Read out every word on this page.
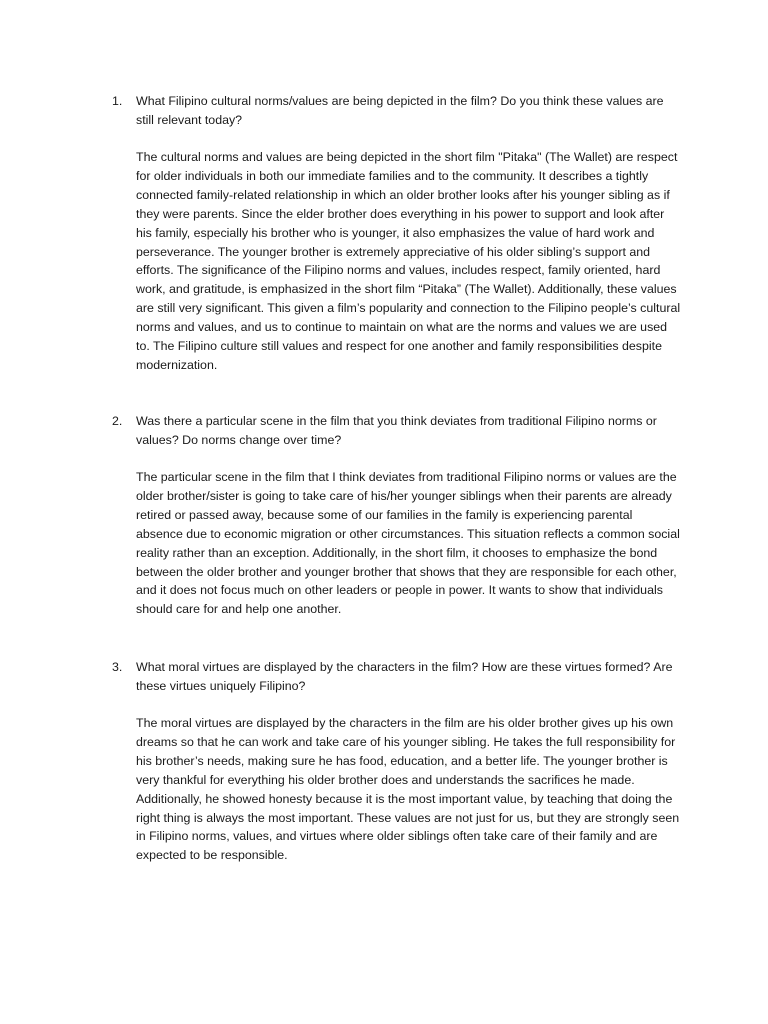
1.	What Filipino cultural norms/values are being depicted in the film? Do you think these values are still relevant today?
The cultural norms and values are being depicted in the short film "Pitaka" (The Wallet) are respect for older individuals in both our immediate families and to the community. It describes a tightly connected family-related relationship in which an older brother looks after his younger sibling as if they were parents. Since the elder brother does everything in his power to support and look after his family, especially his brother who is younger, it also emphasizes the value of hard work and perseverance. The younger brother is extremely appreciative of his older sibling’s support and efforts. The significance of the Filipino norms and values, includes respect, family oriented, hard work, and gratitude, is emphasized in the short film “Pitaka” (The Wallet). Additionally, these values are still very significant. This given a film’s popularity and connection to the Filipino people’s cultural norms and values, and us to continue to maintain on what are the norms and values we are used to. The Filipino culture still values and respect for one another and family responsibilities despite modernization.
2.	Was there a particular scene in the film that you think deviates from traditional Filipino norms or values? Do norms change over time?
The particular scene in the film that I think deviates from traditional Filipino norms or values are the older brother/sister is going to take care of his/her younger siblings when their parents are already retired or passed away, because some of our families in the family is experiencing parental absence due to economic migration or other circumstances. This situation reflects a common social reality rather than an exception. Additionally, in the short film, it chooses to emphasize the bond between the older brother and younger brother that shows that they are responsible for each other, and it does not focus much on other leaders or people in power. It wants to show that individuals should care for and help one another.
3.	What moral virtues are displayed by the characters in the film? How are these virtues formed? Are these virtues uniquely Filipino?
The moral virtues are displayed by the characters in the film are his older brother gives up his own dreams so that he can work and take care of his younger sibling. He takes the full responsibility for his brother’s needs, making sure he has food, education, and a better life. The younger brother is very thankful for everything his older brother does and understands the sacrifices he made. Additionally, he showed honesty because it is the most important value, by teaching that doing the right thing is always the most important. These values are not just for us, but they are strongly seen in Filipino norms, values, and virtues where older siblings often take care of their family and are expected to be responsible.
